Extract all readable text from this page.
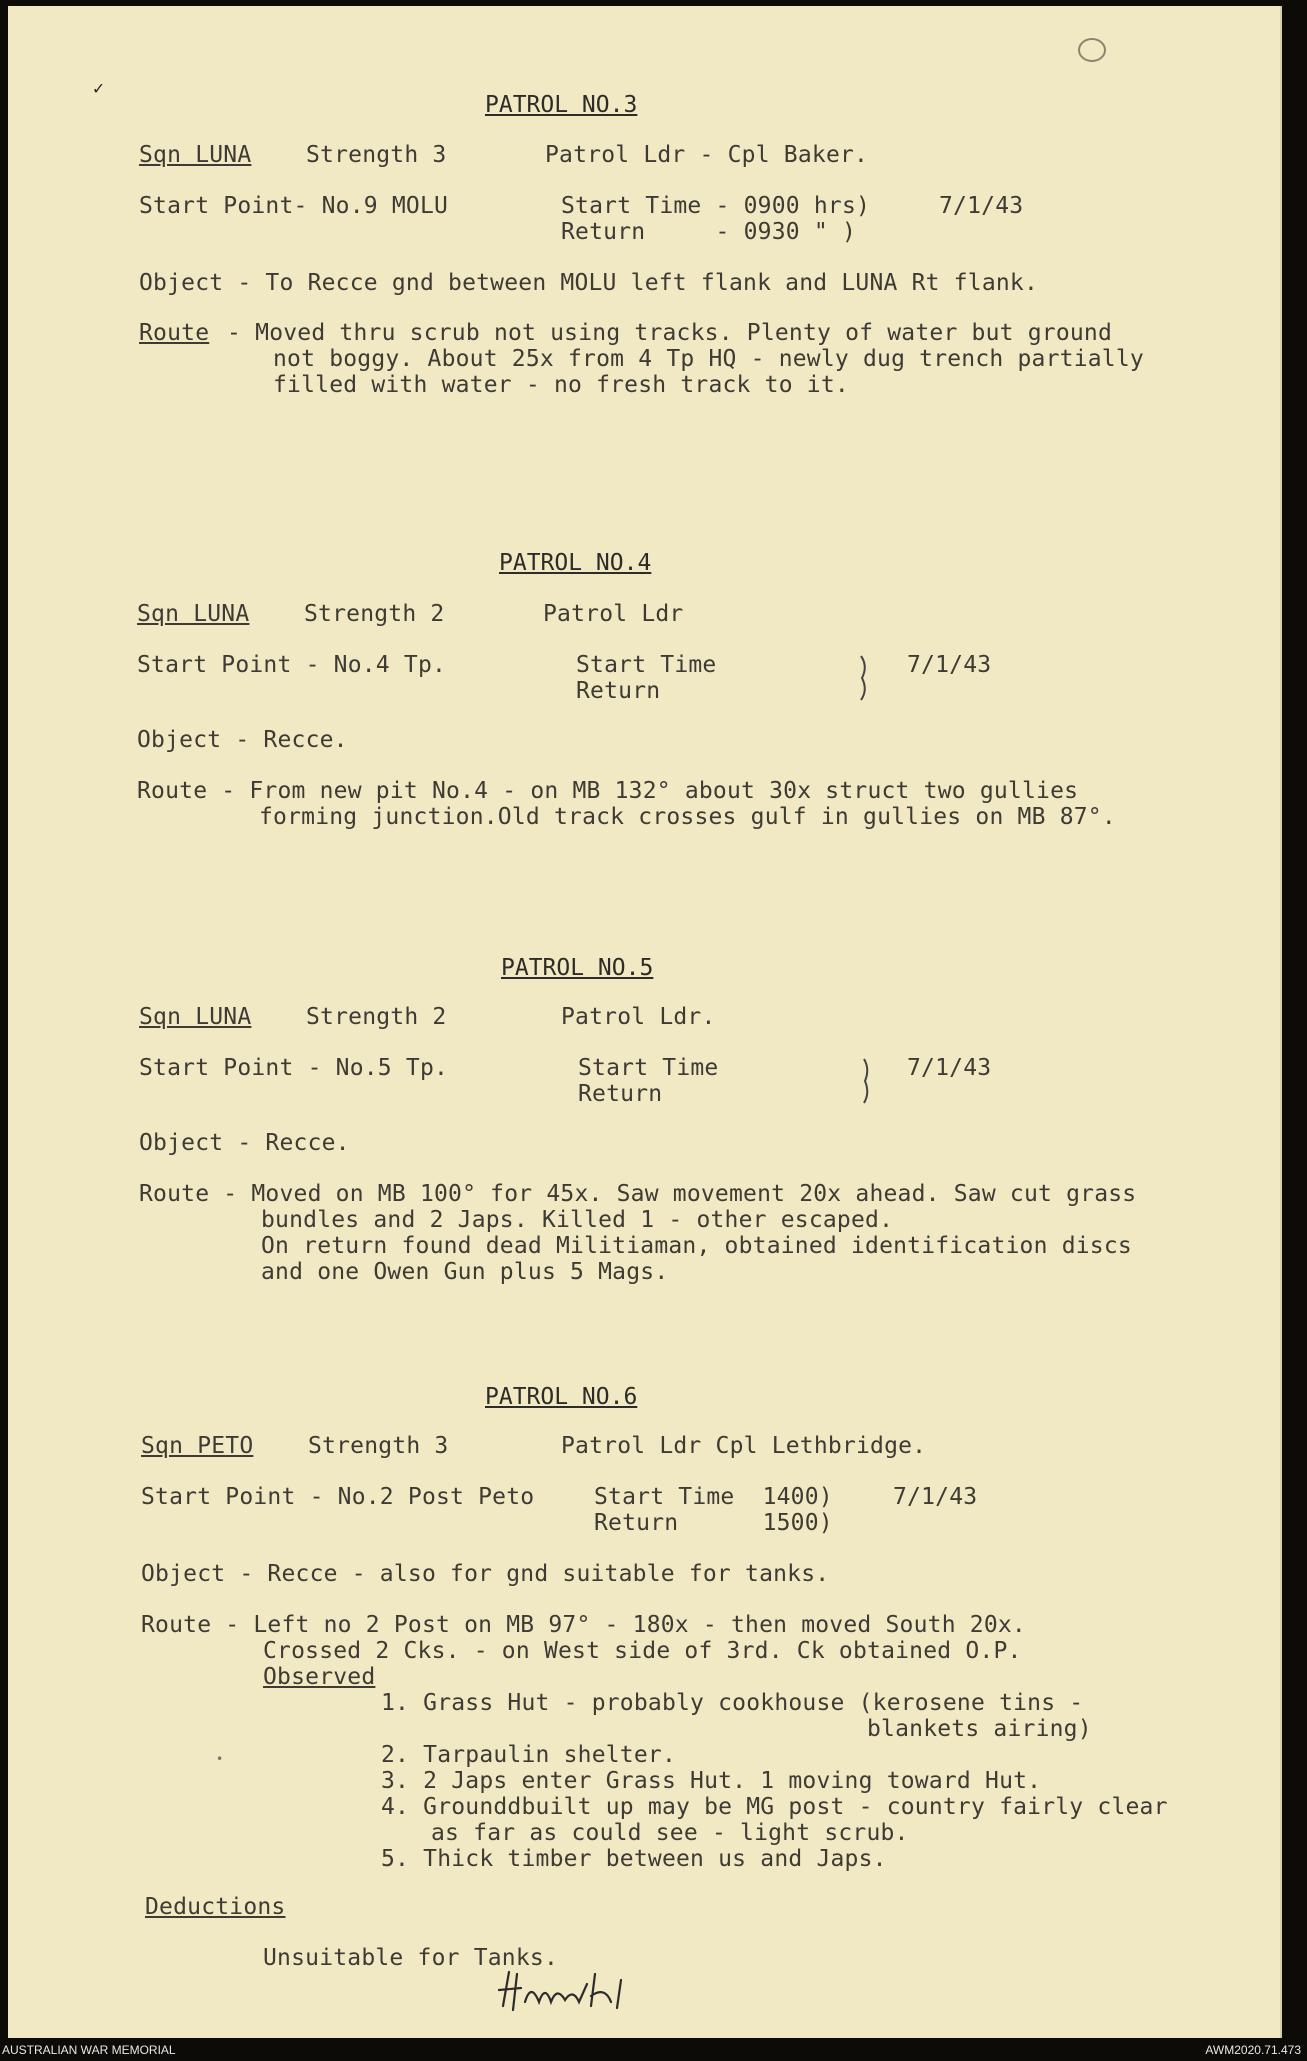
✓
PATROL NO.3
Sqn LUNA Strength 3	Patrol Ldr - Cpl Baker.
Start Point- No.9 MOLU	Start Time - 0900 hrs)
Return     - 0930 " )
7/1/43
Object - To Recce gnd between MOLU left flank and LUNA Rt flank.
Route - Moved thru scrub not using tracks. Plenty of water but ground
not boggy. About 25x from 4 Tp HQ - newly dug trench partially
filled with water - no fresh track to it.
PATROL NO.4
Sqn LUNA Strength 2	Patrol Ldr
Start Point - No.4 Tp.	Start Time
Return
7/1/43
Object - Recce.
Route - From new pit No.4 - on MB 132° about 30x struct two gullies
forming junction.Old track crosses gulf in gullies on MB 87°.
PATROL NO.5
Sqn LUNA Strength 2	Patrol Ldr.
Start Point - No.5 Tp.	Start Time
Return
7/1/43
Object - Recce.
Route - Moved on MB 100° for 45x. Saw movement 20x ahead. Saw cut grass
bundles and 2 Japs. Killed 1 - other escaped.
On return found dead Militiaman, obtained identification discs
and one Owen Gun plus 5 Mags.
PATROL NO.6
Sqn PETO Strength 3	Patrol Ldr Cpl Lethbridge.
Start Point - No.2 Post Peto	Start Time  1400)
Return      1500)
7/1/43
Object - Recce - also for gnd suitable for tanks.
Route - Left no 2 Post on MB 97° - 180x - then moved South 20x.
Crossed 2 Cks. - on West side of 3rd. Ck obtained O.P.
Observed
1. Grass Hut - probably cookhouse (kerosene tins -
blankets airing)
2. Tarpaulin shelter.
3. 2 Japs enter Grass Hut. 1 moving toward Hut.
4. Grounddbuilt up may be MG post - country fairly clear
as far as could see - light scrub.
5. Thick timber between us and Japs.
Deductions
Unsuitable for Tanks.
•
AUSTRALIAN WAR MEMORIAL	AWM2020.71.473
